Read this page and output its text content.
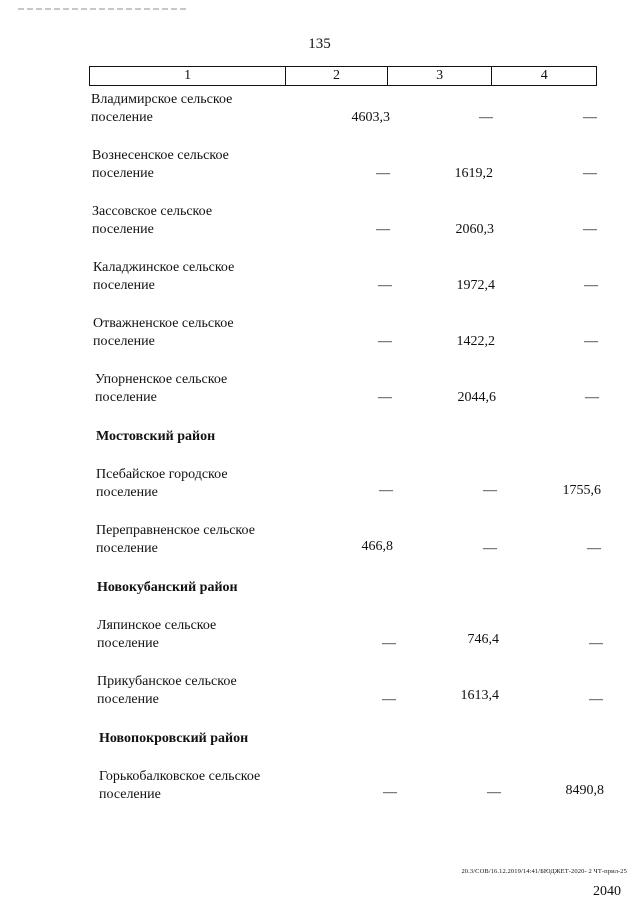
135
1	2	3	4
Владимирское сельское
поселение	4603,3	—	—
Вознесенское сельское
поселение	—	1619,2	—
Зассовское сельское
поселение	—	2060,3	—
Каладжинское сельское
поселение	—	1972,4	—
Отважненское сельское
поселение	—	1422,2	—
Упорненское сельское
поселение	—	2044,6	—
Мостовский район
Псебайское городское
поселение	—	—	1755,6
Переправненское сельское
поселение	466,8	—	—
Новокубанский район
Ляпинское сельское
поселение	—	746,4	—
Прикубанское сельское
поселение	—	1613,4	—
Новопокровский район
Горькобалковское сельское
поселение	—	—	8490,8
20.3/СОВ/16.12.2019/14:41/БЮДЖЕТ-2020- 2 ЧТ-прил-25
2040
